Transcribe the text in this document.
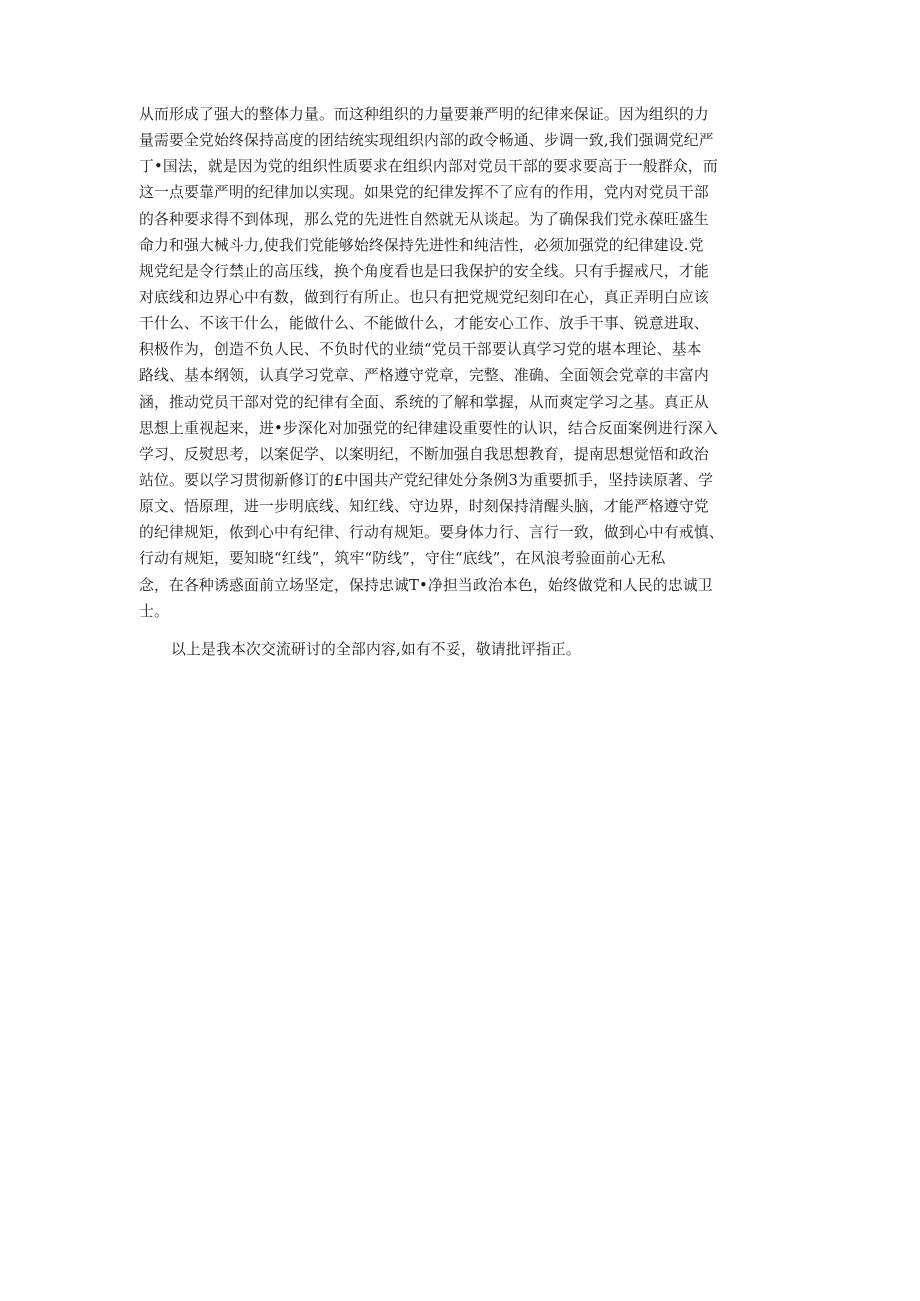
从而形成了强大的整体力量。而这种组织的力量要兼严明的纪律来保证。因为组织的力
量需要全党始终保持高度的团结统实现组织内部的政令畅通、步调一致,我们强调党纪严
丁•国法，就是因为党的组织性质要求在组织内部对党员干部的要求要高于一般群众，而
这一点要靠严明的纪律加以实现。如果党的纪律发挥不了应有的作用，党内对党员干部
的各种要求得不到体现，那么党的先进性自然就无从谈起。为了确保我们党永葆旺盛生
命力和强大械斗力,使我们党能够始终保持先进性和纯洁性，必须加强党的纪律建设.党
规党纪是令行禁止的高压线，换个角度看也是曰我保护的安全线。只有手握戒尺，才能
对底线和边界心中有数，做到行有所止。也只有把党规党纪刻印在心，真正弄明白应该
干什么、不该干什么，能做什么、不能做什么，才能安心工作、放手干事、锐意进取、
积极作为，创造不负人民、不负时代的业绩“党员干部要认真学习党的堪本理论、基本
路线、基本纲领，认真学习党章、严格遵守党章，完整、准确、全面领会党章的丰富内
涵，推动党员干部对党的纪律有全面、系统的了解和掌握，从而爽定学习之基。真正从
思想上重视起来，进•步深化对加强党的纪律建设重要性的认识，结合反面案例进行深入
学习、反熨思考，以案促学、以案明纪，不断加强自我思想教育，提南思想觉悟和政治
站位。要以学习贯彻新修订的£中国共产党纪律处分条例3为重要抓手，坚持读原著、学
原文、悟原理，进一步明底线、知红线、守边界，时刻保持清醒头脑，才能严格遵守党
的纪律规矩，侬到心中有纪律、行动有规矩。要身体力行、言行一致，做到心中有戒慎、
行动有规矩，要知晓“红线”，筑牢“防线”，守住“底线”，在风浪考验面前心无私
念，在各种诱惑面前立场坚定，保持忠诚T•净担当政治本色，始终做党和人民的忠诚卫
士。
以上是我本次交流研讨的全部内容,如有不妥，敬请批评指正。
